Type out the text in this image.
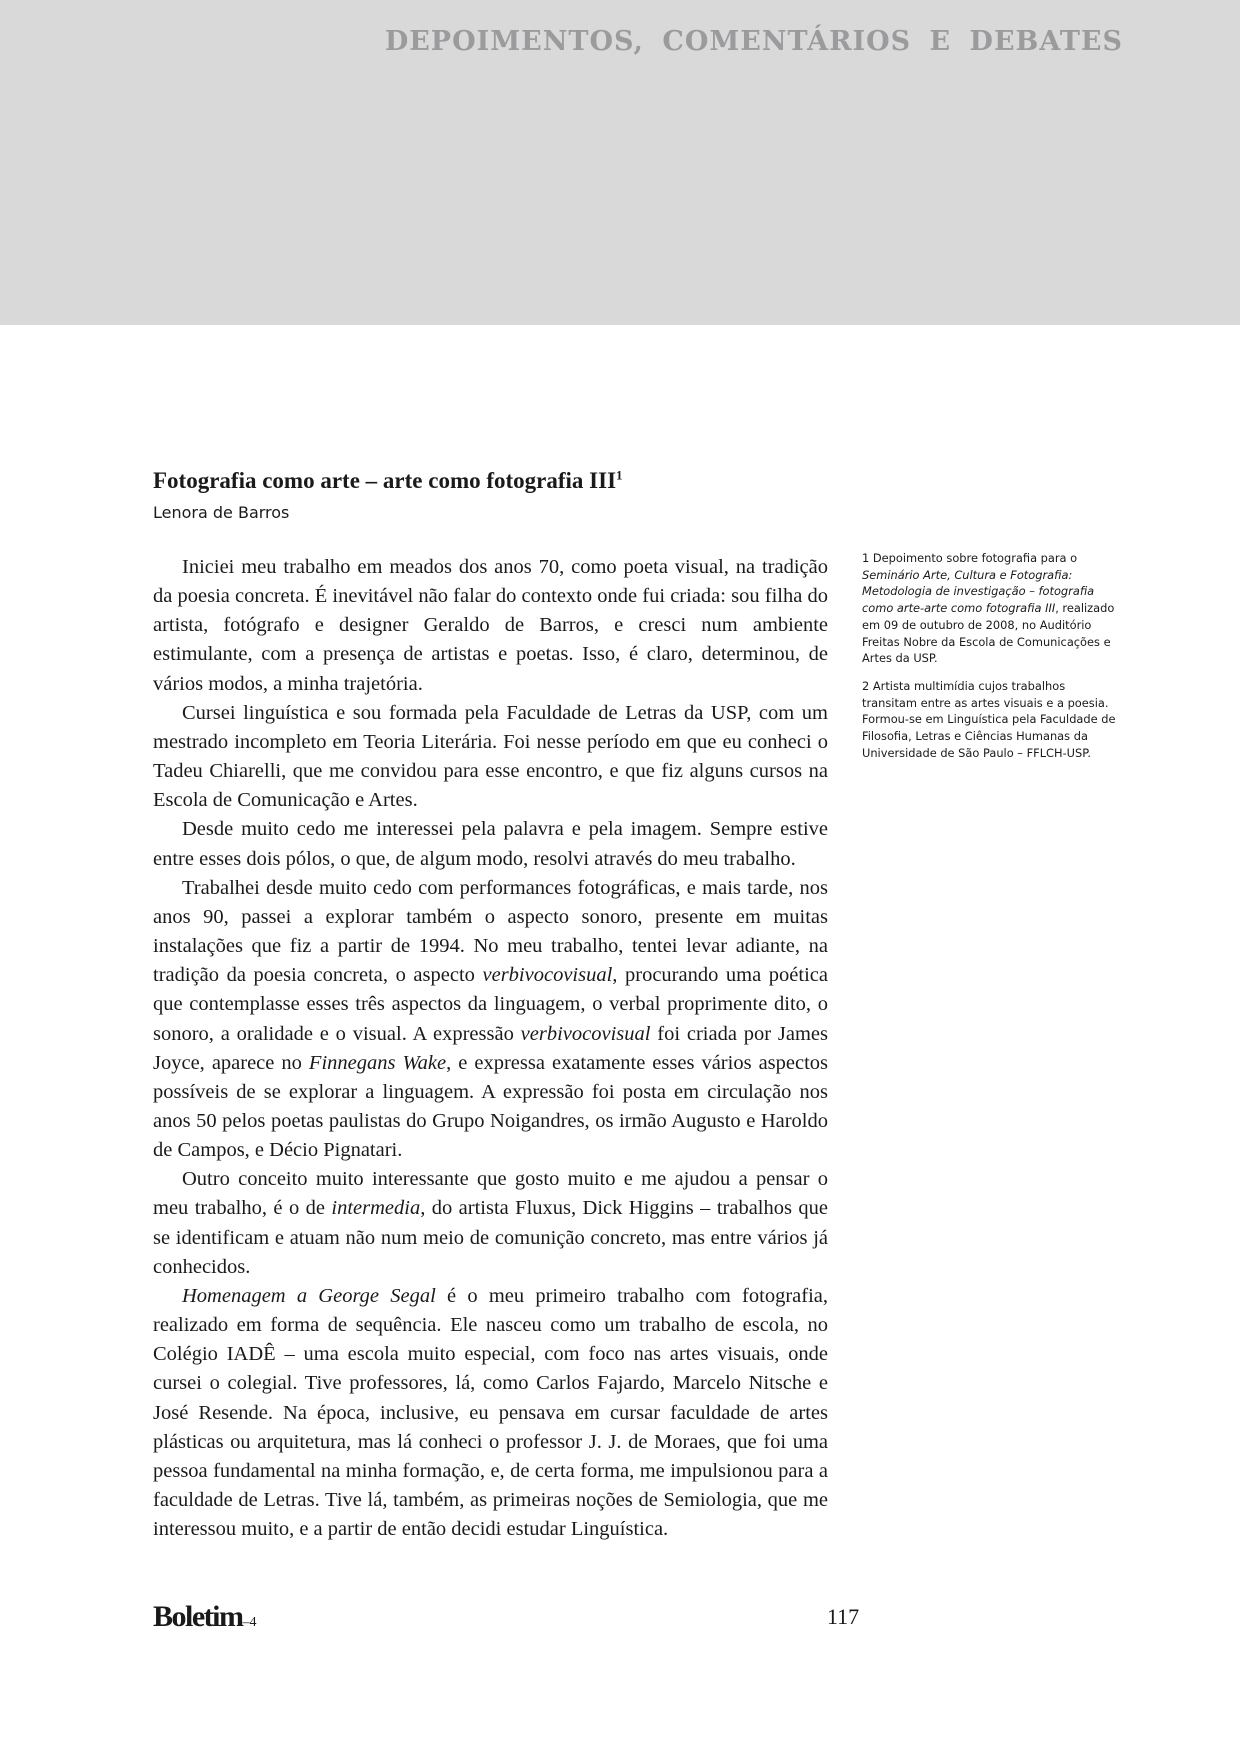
DEPOIMENTOS, COMENTÁRIOS E DEBATES
Fotografia como arte – arte como fotografia III$^1$
Lenora de Barros

Iniciei meu trabalho em meados dos anos 70, como poeta visual, na tradição da poesia concreta. É inevitável não falar do contexto onde fui criada: sou filha do artista, fotógrafo e designer Geraldo de Barros, e cresci num ambiente estimulante, com a presença de artistas e poetas. Isso, é claro, determinou, de vários modos, a minha trajetória.

Cursei linguística e sou formada pela Faculdade de Letras da USP, com um mestrado incompleto em Teoria Literária. Foi nesse período em que eu conheci o Tadeu Chiarelli, que me convidou para esse encontro, e que fiz alguns cursos na Escola de Comunicação e Artes.

Desde muito cedo me interessei pela palavra e pela imagem. Sempre estive entre esses dois pólos, o que, de algum modo, resolvi através do meu trabalho.

Trabalhei desde muito cedo com performances fotográficas, e mais tarde, nos anos 90, passei a explorar também o aspecto sonoro, presente em muitas instalações que fiz a partir de 1994. No meu trabalho, tentei levar adiante, na tradição da poesia concreta, o aspecto verbivocovisual, procurando uma poética que contemplasse esses três aspectos da linguagem, o verbal proprimente dito, o sonoro, a oralidade e o visual. A expressão verbivocovisual foi criada por James Joyce, aparece no Finnegans Wake, e expressa exatamente esses vários aspectos possíveis de se explorar a linguagem. A expressão foi posta em circulação nos anos 50 pelos poetas paulistas do Grupo Noigandres, os irmão Augusto e Haroldo de Campos, e Décio Pignatari.

Outro conceito muito interessante que gosto muito e me ajudou a pensar o meu trabalho, é o de intermedia, do artista Fluxus, Dick Higgins – trabalhos que se identificam e atuam não num meio de comunição concreto, mas entre vários já conhecidos.

Homenagem a George Segal é o meu primeiro trabalho com fotografia, realizado em forma de sequência. Ele nasceu como um trabalho de escola, no Colégio IADÊ – uma escola muito especial, com foco nas artes visuais, onde cursei o colegial. Tive professores, lá, como Carlos Fajardo, Marcelo Nitsche e José Resende. Na época, inclusive, eu pensava em cursar faculdade de artes plásticas ou arquitetura, mas lá conheci o professor J. J. de Moraes, que foi uma pessoa fundamental na minha formação, e, de certa forma, me impulsionou para a faculdade de Letras. Tive lá, também, as primeiras noções de Semiologia, que me interessou muito, e a partir de então decidi estudar Linguística.

1 Depoimento sobre fotografia para o Seminário Arte, Cultura e Fotografia: Metodologia de investigação – fotografia como arte-arte como fotografia III, realizado em 09 de outubro de 2008, no Auditório Freitas Nobre da Escola de Comunicações e Artes da USP.

2 Artista multimídia cujos trabalhos transitam entre as artes visuais e a poesia. Formou-se em Linguística pela Faculdade de Filosofia, Letras e Ciências Humanas da Universidade de São Paulo – FFLCH-USP.

Boletim–4	117
